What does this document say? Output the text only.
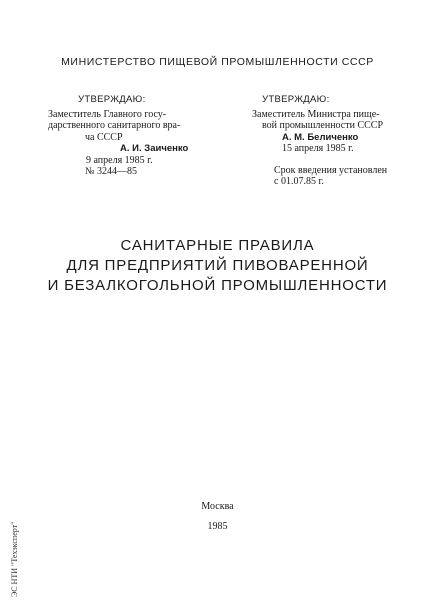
МИНИСТЕРСТВО ПИЩЕВОЙ ПРОМЫШЛЕННОСТИ СССР
УТВЕРЖДАЮ:
Заместитель Главного госу-
дарственного санитарного вра-
ча СССР
А. И. Заиченко
9 апреля 1985 г.
№ 3244—85
УТВЕРЖДАЮ:
Заместитель Министра пище-
вой промышленности СССР
А. М. Беличенко
15 апреля 1985 г.
Срок введения установлен
с 01.07.85 г.
САНИТАРНЫЕ ПРАВИЛА
ДЛЯ ПРЕДПРИЯТИЙ ПИВОВАРЕННОЙ
И БЕЗАЛКОГОЛЬНОЙ ПРОМЫШЛЕННОСТИ
Москва
1985
ЭС НТИ "Техэксперт"
